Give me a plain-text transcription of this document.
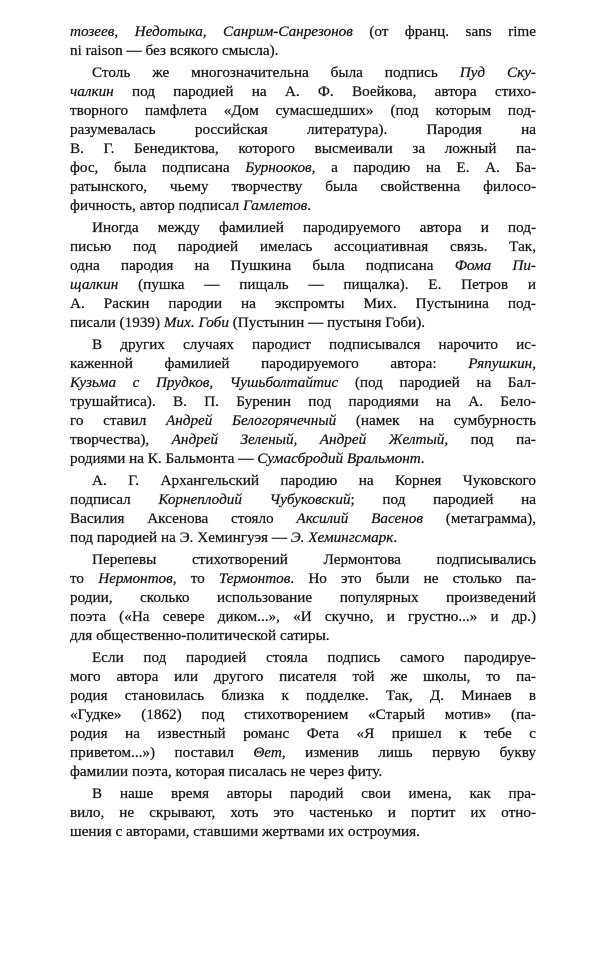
тозеев, Недотыка, Санрим-Санрезонов (от франц. sans rime
ni raison — без всякого смысла).
Столь же многозначительна была подпись Пуд Ску-
чалкин под пародией на А. Ф. Воейкова, автора стихо-
творного памфлета «Дом сумасшедших» (под которым под-
разумевалась российская литература). Пародия на
В. Г. Бенедиктова, которого высмеивали за ложный па-
фос, была подписана Бурнооков, а пародию на Е. А. Ба-
ратынского, чьему творчеству была свойственна филосо-
фичность, автор подписал Гамлетов.
Иногда между фамилией пародируемого автора и под-
писью под пародией имелась ассоциативная связь. Так,
одна пародия на Пушкина была подписана Фома Пи-
щалкин (пушка — пищаль — пищалка). Е. Петров и
А. Раскин пародии на экспромты Мих. Пустынина под-
писали (1939) Мих. Гоби (Пустынин — пустыня Гоби).
В других случаях пародист подписывался нарочито ис-
каженной фамилией пародируемого автора: Ряпушкин,
Кузьма с Прудков, Чушьболтайтис (под пародией на Бал-
трушайтиса). В. П. Буренин под пародиями на А. Бело-
го ставил Андрей Белогорячечный (намек на сумбурность
творчества), Андрей Зеленый, Андрей Желтый, под па-
родиями на К. Бальмонта — Сумасбродий Вральмонт.
А. Г. Архангельский пародию на Корнея Чуковского
подписал Корнеплодий Чубуковский; под пародией на
Василия Аксенова стояло Аксилий Васенов (метаграмма),
под пародией на Э. Хемингуэя — Э. Хемингсмарк.
Перепевы стихотворений Лермонтова подписывались
то Нермонтов, то Термонтов. Но это были не столько па-
родии, сколько использование популярных произведений
поэта («На севере диком...», «И скучно, и грустно...» и др.)
для общественно-политической сатиры.
Если под пародией стояла подпись самого пародируе-
мого автора или другого писателя той же школы, то па-
родия становилась близка к подделке. Так, Д. Минаев в
«Гудке» (1862) под стихотворением «Старый мотив» (па-
родия на известный романс Фета «Я пришел к тебе с
приветом...») поставил Θет, изменив лишь первую букву
фамилии поэта, которая писалась не через фиту.
В наше время авторы пародий свои имена, как пра-
вило, не скрывают, хоть это частенько и портит их отно-
шения с авторами, ставшими жертвами их остроумия.
